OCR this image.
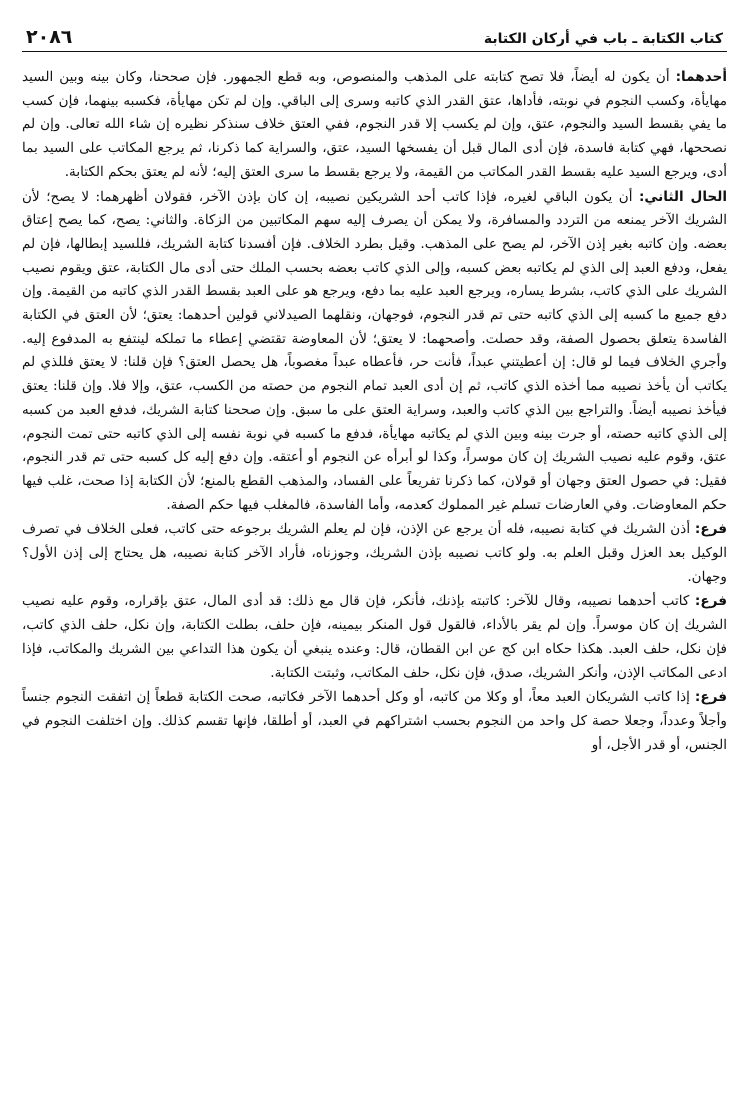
كتاب الكتابة ـ باب في أركان الكتابة
٢٠٨٦

أحدهما: أن يكون له أيضاً، فلا تصح كتابته على المذهب والمنصوص، وبه قطع الجمهور. فإن صححنا، وكان بينه وبين السيد مهايأة، وكسب النجوم في نوبته، فأداها، عتق القدر الذي كاتبه وسرى إلى الباقي. وإن لم تكن مهايأة، فكسبه بينهما، فإن كسب ما يفي بقسط السيد والنجوم، عتق، وإن لم يكسب إلا قدر النجوم، ففي العتق خلاف سنذكر نظيره إن شاء الله تعالى. وإن لم نصححها، فهي كتابة فاسدة، فإن أدى المال قبل أن يفسخها السيد، عتق، والسراية كما ذكرنا، ثم يرجع المكاتب على السيد بما أدى، ويرجع السيد عليه بقسط القدر المكاتب من القيمة، ولا يرجع بقسط ما سرى العتق إليه؛ لأنه لم يعتق بحكم الكتابة.

الحال الثاني: أن يكون الباقي لغيره، فإذا كاتب أحد الشريكين نصيبه، إن كان بإذن الآخر، فقولان أظهرهما: لا يصح؛ لأن الشريك الآخر يمنعه من التردد والمسافرة، ولا يمكن أن يصرف إليه سهم المكاتبين من الزكاة. والثاني: يصح، كما يصح إعتاق بعضه. وإن كاتبه بغير إذن الآخر، لم يصح على المذهب. وقيل بطرد الخلاف. فإن أفسدنا كتابة الشريك، فللسيد إبطالها، فإن لم يفعل، ودفع العبد إلى الذي لم يكاتبه بعض كسبه، وإلى الذي كاتب بعضه بحسب الملك حتى أدى مال الكتابة، عتق ويقوم نصيب الشريك على الذي كاتب، بشرط يساره، ويرجع العبد عليه بما دفع، ويرجع هو على العبد بقسط القدر الذي كاتبه من القيمة. وإن دفع جميع ما كسبه إلى الذي كاتبه حتى تم قدر النجوم، فوجهان، ونقلهما الصيدلاني قولين أحدهما: يعتق؛ لأن العتق في الكتابة الفاسدة يتعلق بحصول الصفة، وقد حصلت. وأصحهما: لا يعتق؛ لأن المعاوضة تقتضي إعطاء ما تملكه لينتفع به المدفوع إليه. وأجري الخلاف فيما لو قال: إن أعطيتني عبداً، فأنت حر، فأعطاه عبداً مغصوباً، هل يحصل العتق؟ فإن قلنا: لا يعتق فللذي لم يكاتب أن يأخذ نصيبه مما أخذه الذي كاتب، ثم إن أدى العبد تمام النجوم من حصته من الكسب، عتق، وإلا فلا. وإن قلنا: يعتق فيأخذ نصيبه أيضاً. والتراجع بين الذي كاتب والعبد، وسراية العتق على ما سبق. وإن صححنا كتابة الشريك، فدفع العبد من كسبه إلى الذي كاتبه حصته، أو جرت بينه وبين الذي لم يكاتبه مهايأة، فدفع ما كسبه في نوبة نفسه إلى الذي كاتبه حتى تمت النجوم، عتق، وقوم عليه نصيب الشريك إن كان موسراً، وكذا لو أبرأه عن النجوم أو أعتقه. وإن دفع إليه كل كسبه حتى تم قدر النجوم، فقيل: في حصول العتق وجهان أو قولان، كما ذكرنا تفريعاً على الفساد، والمذهب القطع بالمنع؛ لأن الكتابة إذا صحت، غلب فيها حكم المعاوضات. وفي العارضات تسلم غير المملوك كعدمه، وأما الفاسدة، فالمغلب فيها حكم الصفة.

فرع: أذن الشريك في كتابة نصيبه، فله أن يرجع عن الإذن، فإن لم يعلم الشريك برجوعه حتى كاتب، فعلى الخلاف في تصرف الوكيل بعد العزل وقبل العلم به. ولو كاتب نصيبه بإذن الشريك، وجوزناه، فأراد الآخر كتابة نصيبه، هل يحتاج إلى إذن الأول؟ وجهان.

فرع: كاتب أحدهما نصيبه، وقال للآخر: كاتبته بإذنك، فأنكر، فإن قال مع ذلك: قد أدى المال، عتق بإقراره، وقوم عليه نصيب الشريك إن كان موسراً. وإن لم يقر بالأداء، فالقول قول المنكر بيمينه، فإن حلف، بطلت الكتابة، وإن نكل، حلف الذي كاتب، فإن نكل، حلف العبد. هكذا حكاه ابن كج عن ابن القطان، قال: وعنده ينبغي أن يكون هذا التداعي بين الشريك والمكاتب، فإذا ادعى المكاتب الإذن، وأنكر الشريك، صدق، فإن نكل، حلف المكاتب، وثبتت الكتابة.

فرع: إذا كاتب الشريكان العبد معاً، أو وكلا من كاتبه، أو وكل أحدهما الآخر فكاتبه، صحت الكتابة قطعاً إن اتفقت النجوم جنساً وأجلاً وعدداً، وجعلا حصة كل واحد من النجوم بحسب اشتراكهم في العبد، أو أطلقا، فإنها تقسم كذلك. وإن اختلفت النجوم في الجنس، أو قدر الأجل، أو
